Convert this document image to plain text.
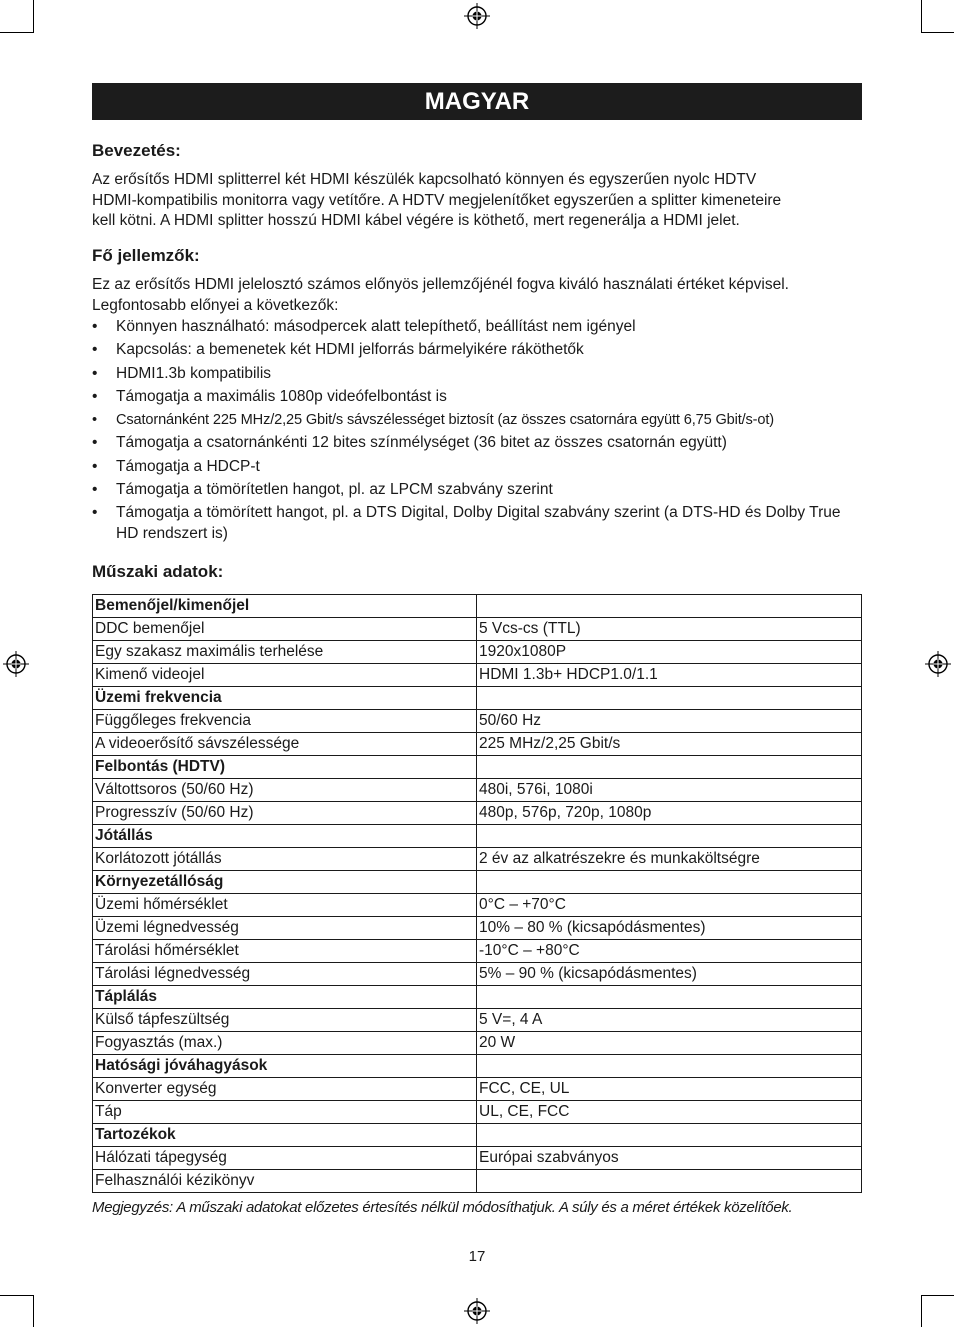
MAGYAR
Bevezetés:

Az erősítős HDMI splitterrel két HDMI készülék kapcsolható könnyen és egyszerűen nyolc HDTV
HDMI-kompatibilis monitorra vagy vetítőre. A HDTV megjelenítőket egyszerűen a splitter kimeneteire
kell kötni. A HDMI splitter hosszú HDMI kábel végére is köthető, mert regenerálja a HDMI jelet.

Fő jellemzők:

Ez az erősítős HDMI jelelosztó számos előnyös jellemzőjénél fogva kiváló használati értéket képvisel.
Legfontosabb előnyei a következők:

• Könnyen használható: másodpercek alatt telepíthető, beállítást nem igényel
• Kapcsolás: a bemenetek két HDMI jelforrás bármelyikére ráköthetők
• HDMI1.3b kompatibilis
• Támogatja a maximális 1080p videófelbontást is
• Csatornánként 225 MHz/2,25 Gbit/s sávszélességet biztosít (az összes csatornára együtt 6,75 Gbit/s-ot)
• Támogatja a csatornánkénti 12 bites színmélységet (36 bitet az összes csatornán együtt)
• Támogatja a HDCP-t
• Támogatja a tömörítetlen hangot, pl. az LPCM szabvány szerint
• Támogatja a tömörített hangot, pl. a DTS Digital, Dolby Digital szabvány szerint (a DTS-HD és Dolby True HD rendszert is)
Műszaki adatok:
Bemenőjel/kimenőjel	
DDC bemenőjel	5 Vcs-cs (TTL)
Egy szakasz maximális terhelése	1920x1080P
Kimenő videojel	HDMI 1.3b+ HDCP1.0/1.1
Üzemi frekvencia	
Függőleges frekvencia	50/60 Hz
A videoerősítő sávszélessége	225 MHz/2,25 Gbit/s
Felbontás (HDTV)	
Váltottsoros (50/60 Hz)	480i, 576i, 1080i
Progresszív (50/60 Hz)	480p, 576p, 720p, 1080p
Jótállás	
Korlátozott jótállás	2 év az alkatrészekre és munkaköltségre
Környezetállóság	
Üzemi hőmérséklet	0°C – +70°C
Üzemi légnedvesség	10% – 80 % (kicsapódásmentes)
Tárolási hőmérséklet	-10°C – +80°C
Tárolási légnedvesség	5% – 90 % (kicsapódásmentes)
Táplálás	
Külső tápfeszültség	5 V=, 4 A
Fogyasztás (max.)	20 W
Hatósági jóváhagyások	
Konverter egység	FCC, CE, UL
Táp	UL, CE, FCC
Tartozékok	
Hálózati tápegység	Európai szabványos
Felhasználói kézikönyv	

Megjegyzés: A műszaki adatokat előzetes értesítés nélkül módosíthatjuk. A súly és a méret értékek közelítőek.

17
